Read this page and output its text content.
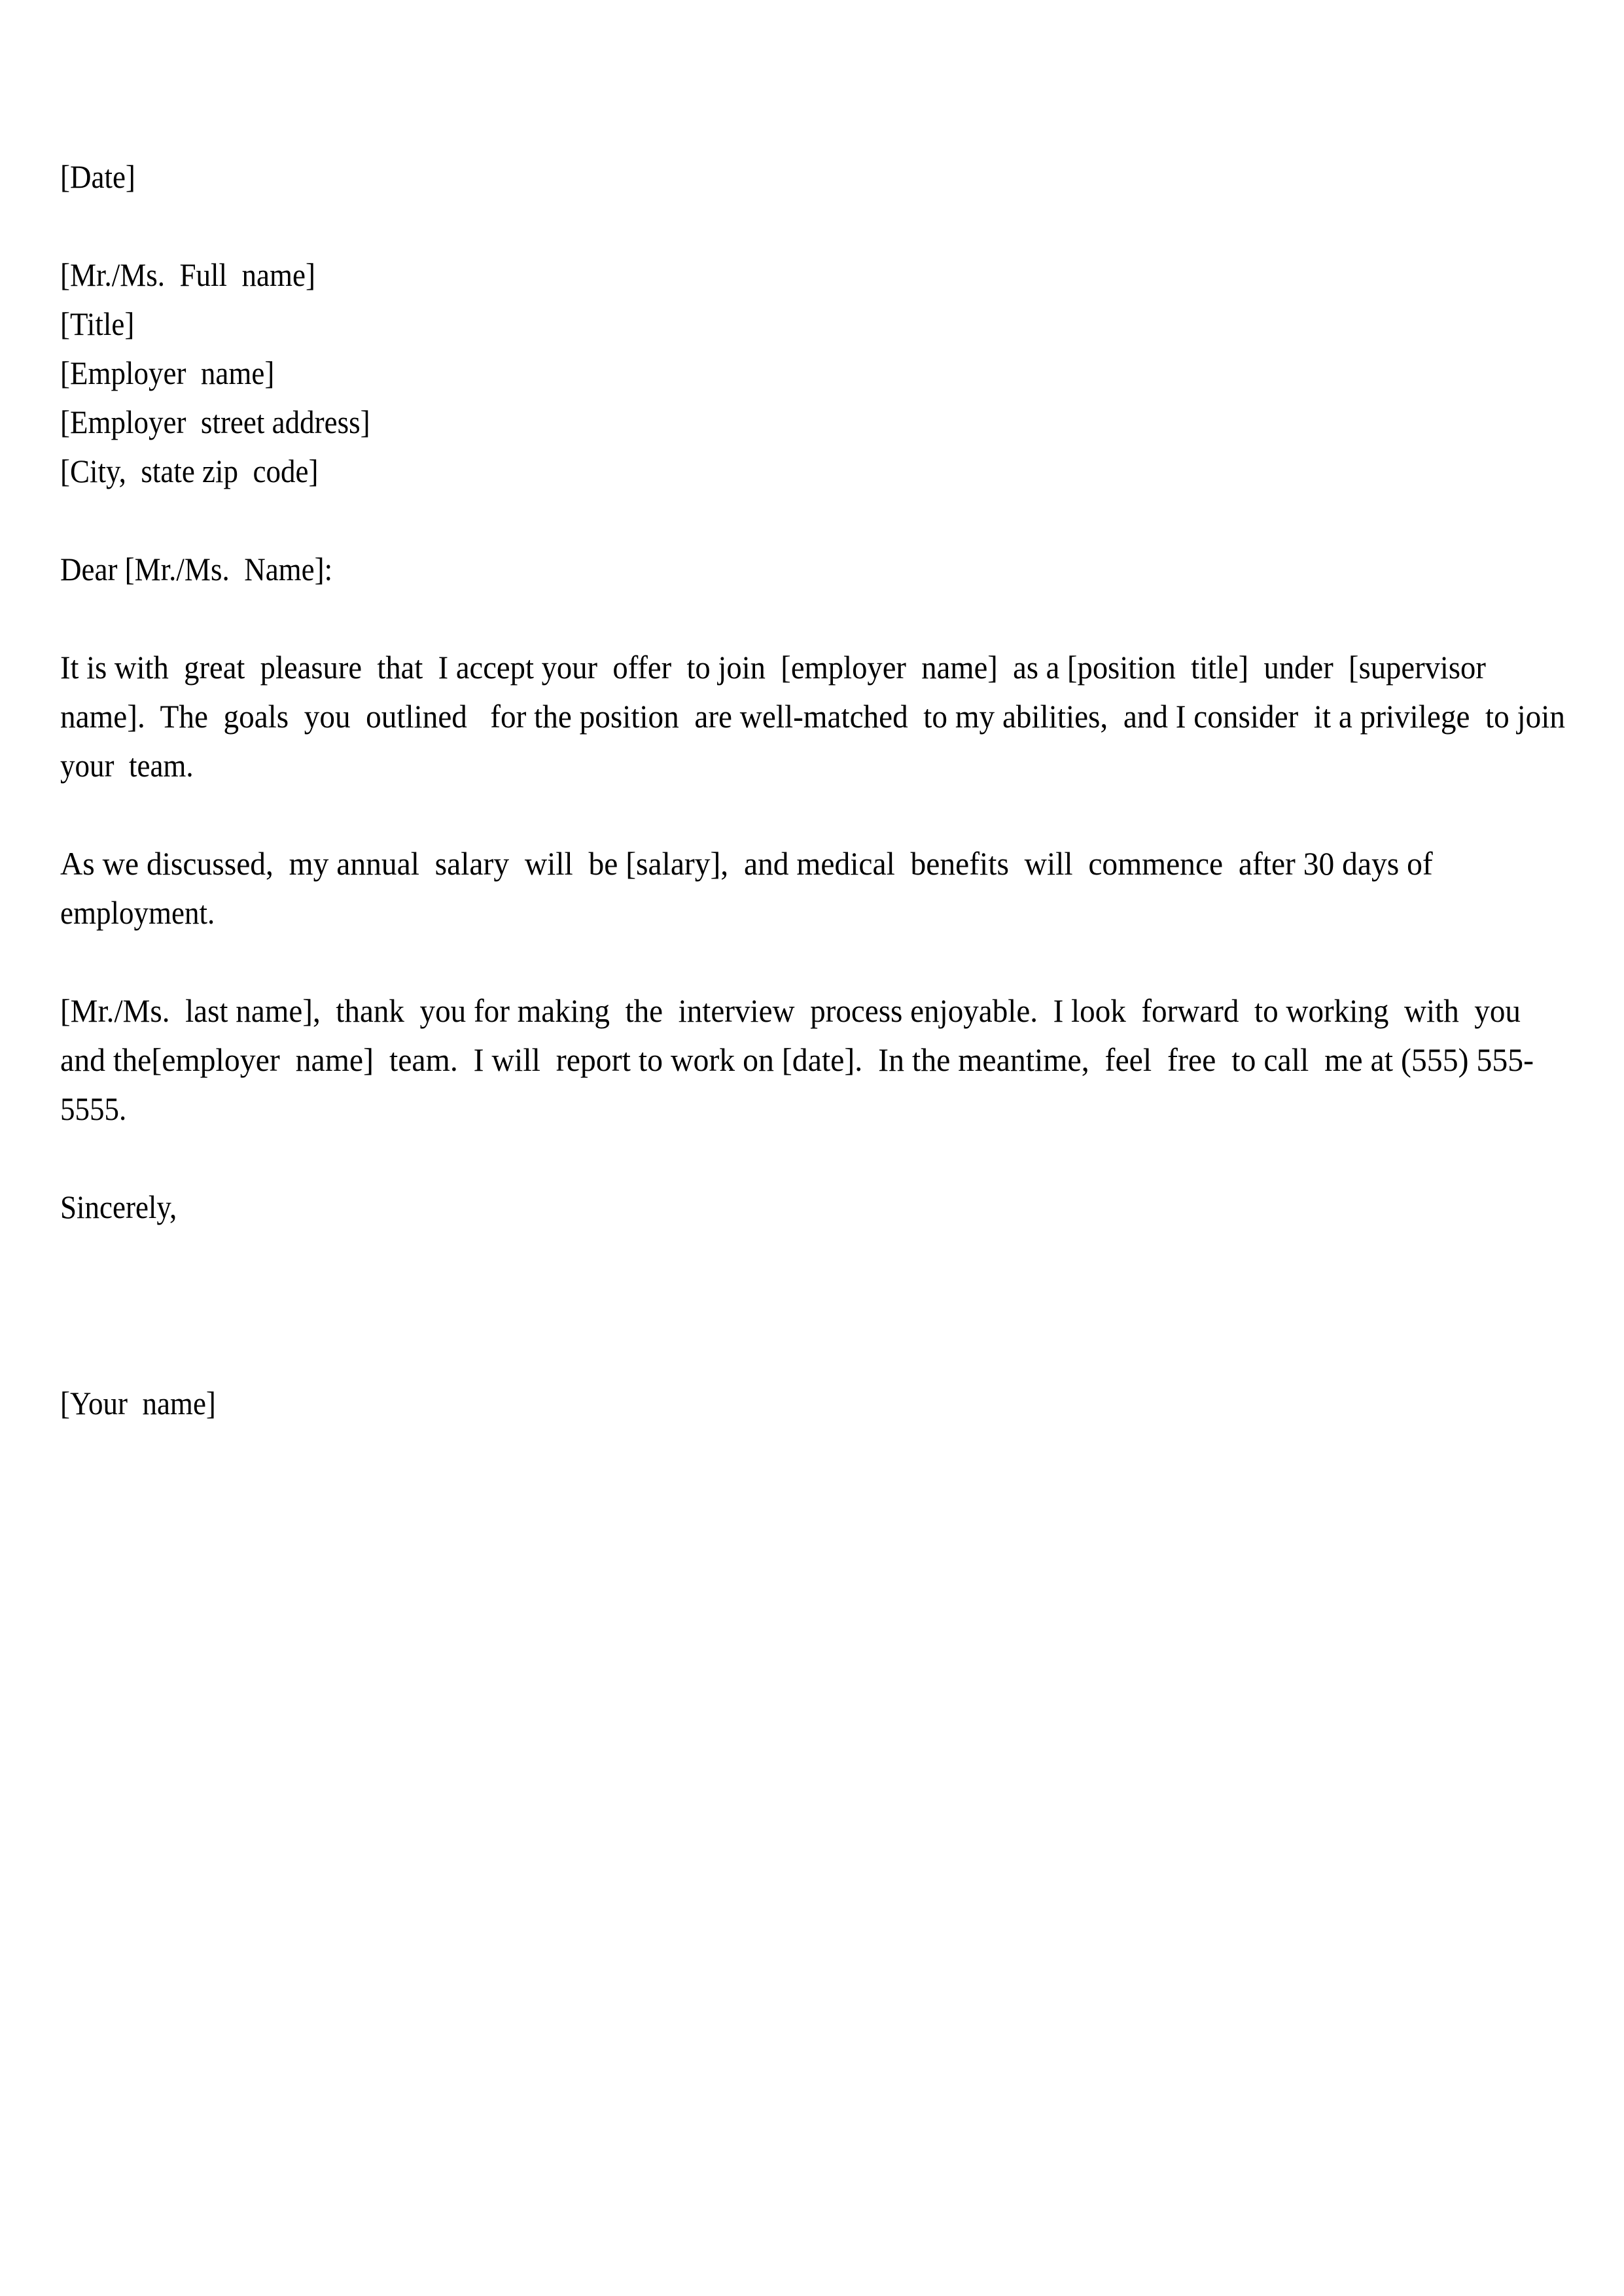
[Date]
[Mr./Ms.  Full  name]
[Title]
[Employer  name]
[Employer  street address]
[City,  state zip  code]
Dear [Mr./Ms.  Name]:
It is with  great  pleasure  that  I accept your  offer  to join  [employer  name]  as a [position  title]  under  [supervisor
name].  The  goals  you  outlined   for the position  are well-matched  to my abilities,  and I consider  it a privilege  to join
your  team.
As we discussed,  my annual  salary  will  be [salary],  and medical  benefits  will  commence  after 30 days of
employment.
[Mr./Ms.  last name],  thank  you for making  the  interview  process enjoyable.  I look  forward  to working  with  you
and the[employer  name]  team.  I will  report to work on [date].  In the meantime,  feel  free  to call  me at (555) 555-
5555.
Sincerely,
[Your  name]
